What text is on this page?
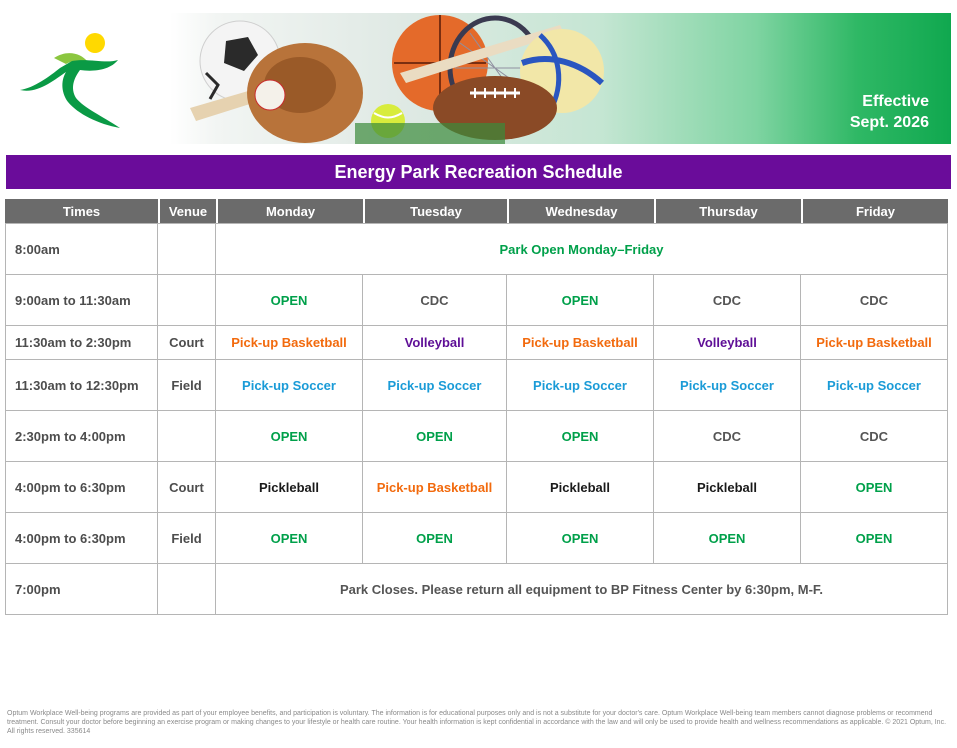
Effective
Sept. 2026
Energy Park Recreation Schedule
Times	Venue	Monday	Tuesday	Wednesday	Thursday	Friday
8:00am		Park Open Monday–Friday				
9:00am to 11:30am		OPEN	CDC	OPEN	CDC	CDC
11:30am to 2:30pm	Court	Pick-up Basketball	Volleyball	Pick-up Basketball	Volleyball	Pick-up Basketball
11:30am to 12:30pm	Field	Pick-up Soccer	Pick-up Soccer	Pick-up Soccer	Pick-up Soccer	Pick-up Soccer
2:30pm to 4:00pm		OPEN	OPEN	OPEN	CDC	CDC
4:00pm to 6:30pm	Court	Pickleball	Pick-up Basketball	Pickleball	Pickleball	OPEN
4:00pm to 6:30pm	Field	OPEN	OPEN	OPEN	OPEN	OPEN
7:00pm		Park Closes. Please return all equipment to BP Fitness Center by 6:30pm, M-F.				
Optum Workplace Well-being programs are provided as part of your employee benefits, and participation is voluntary. The information is for educational purposes only and is not a substitute for your doctor's care. Optum Workplace Well-being team members cannot diagnose problems or recommend treatment. Consult your doctor before beginning an exercise program or making changes to your lifestyle or health care routine. Your health information is kept confidential in accordance with the law and will only be used to provide health and wellness recommendations as applicable. © 2021 Optum, Inc. All rights reserved. 335614
